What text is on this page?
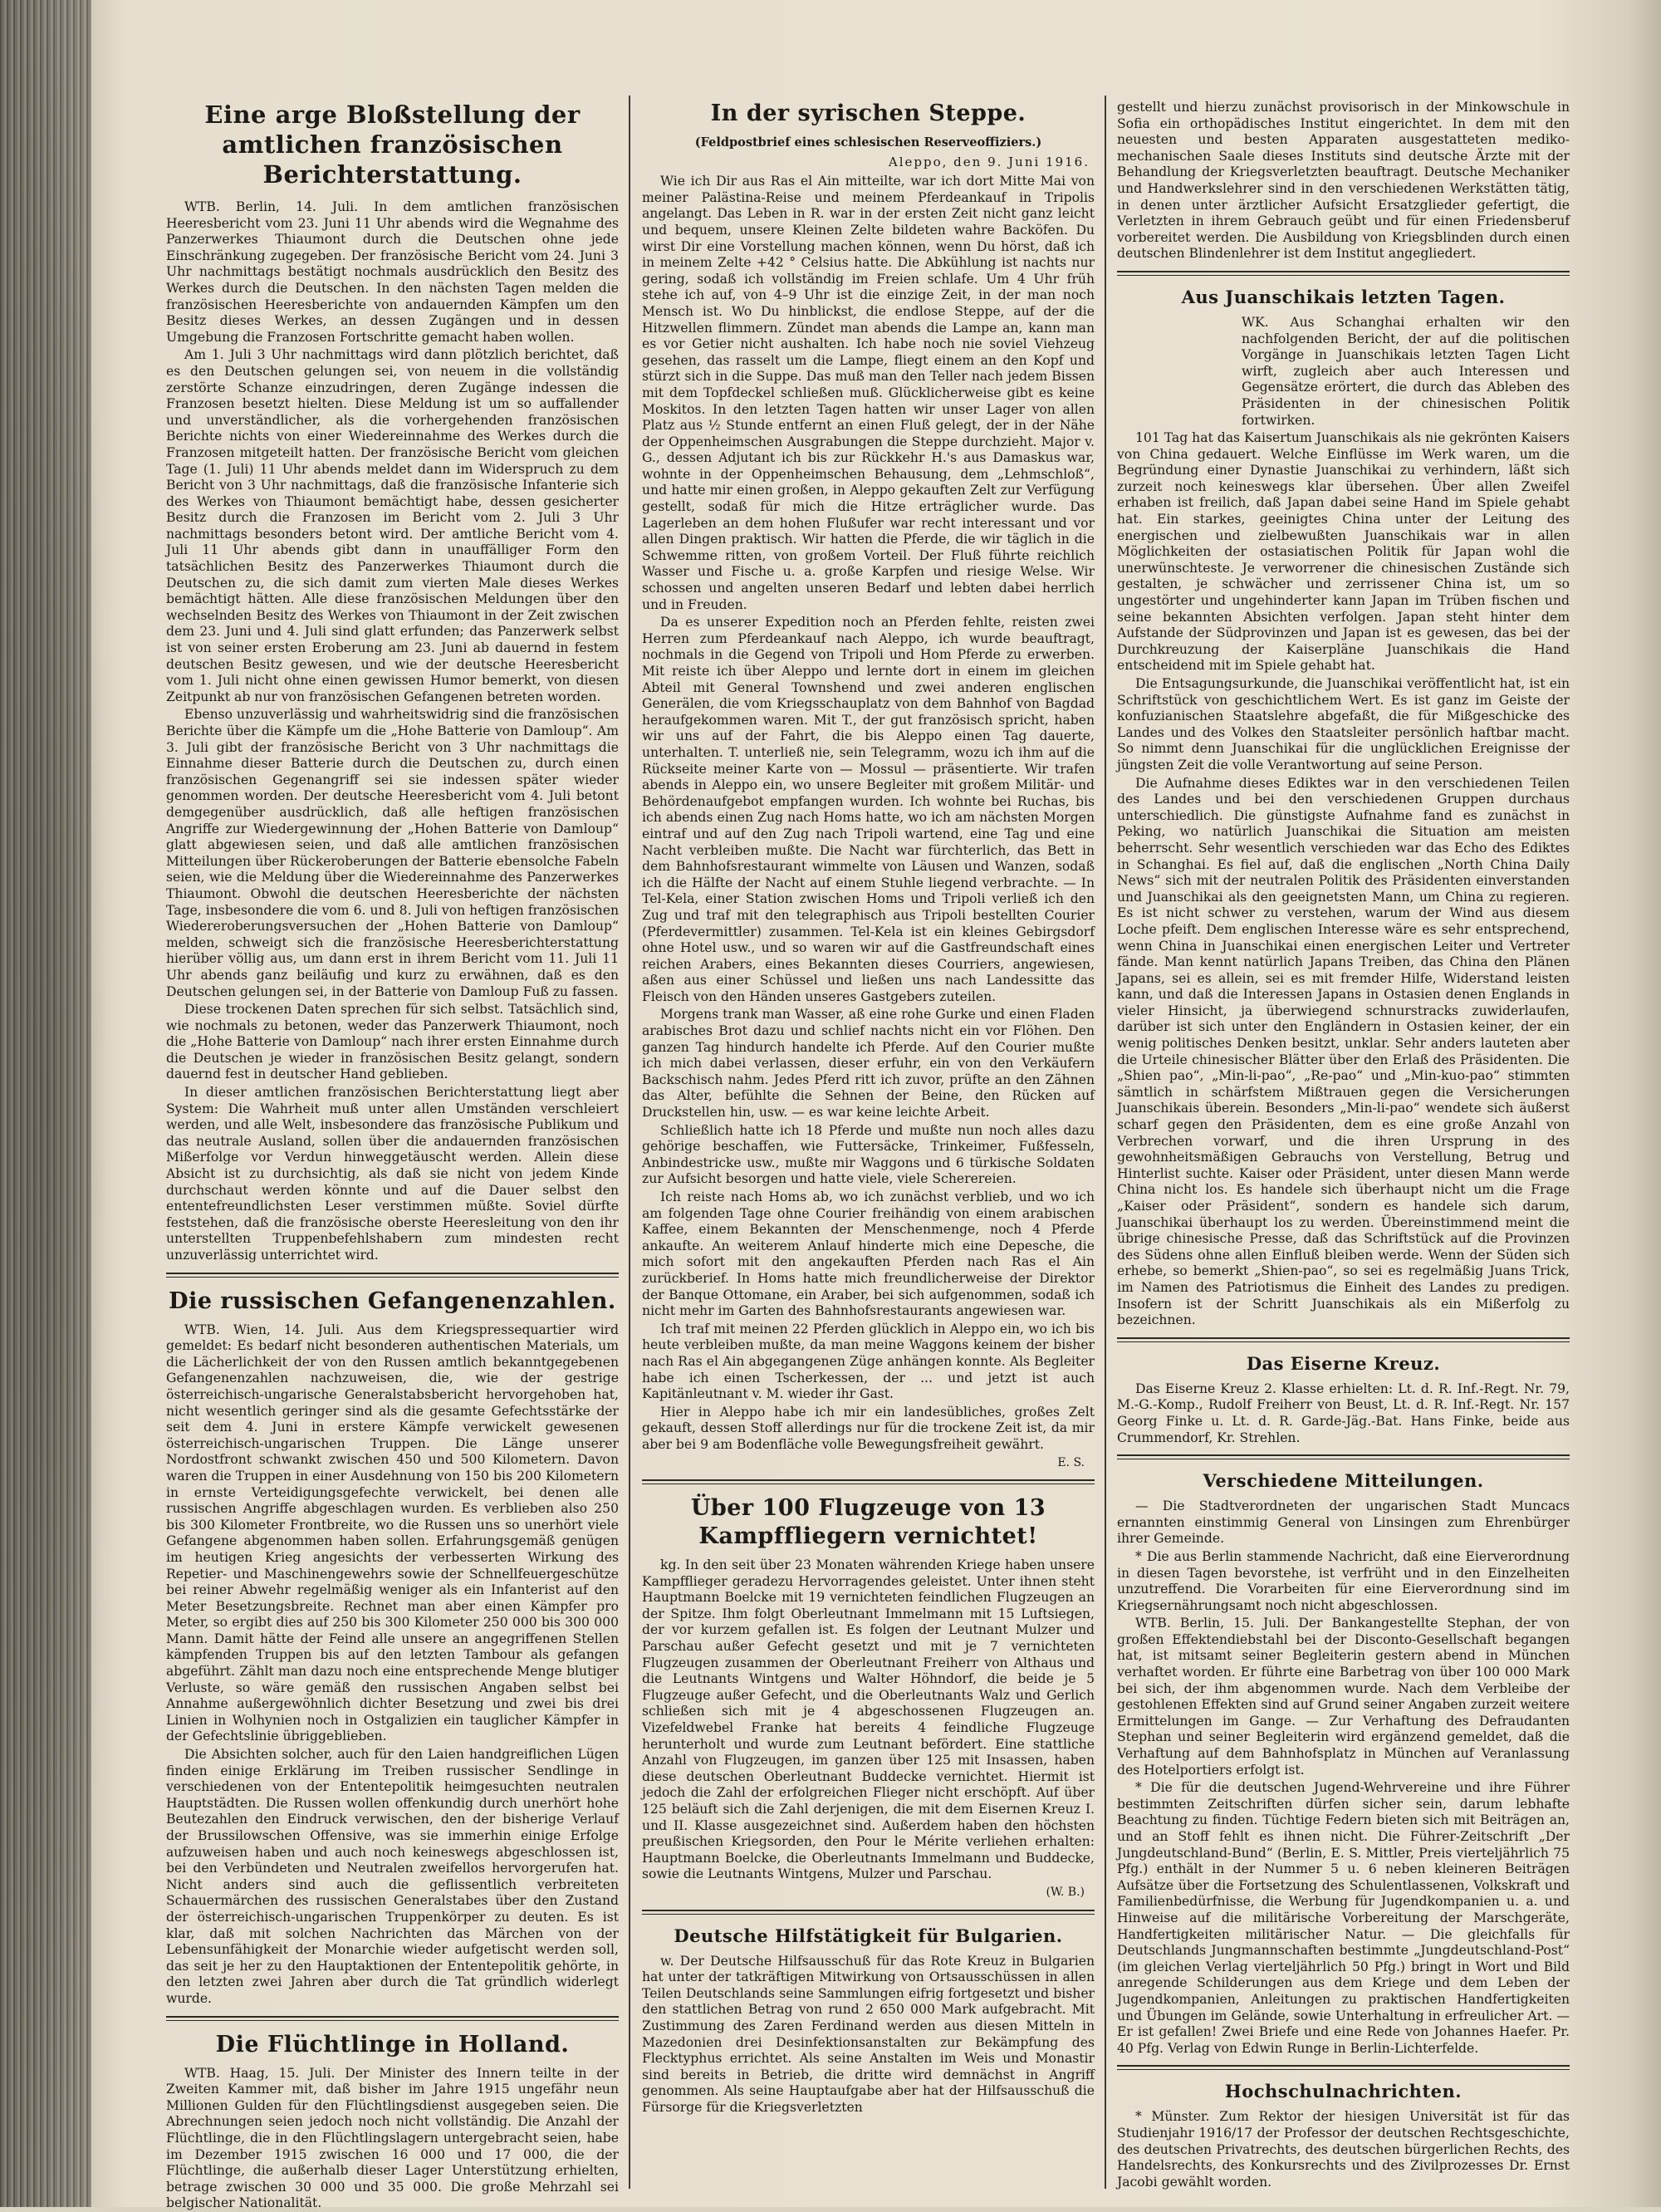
Eine arge Bloßstellung der amtlichen französischen Berichterstattung.

WTB. Berlin, 14. Juli. In dem amtlichen französischen Heeresbericht vom 23. Juni 11 Uhr abends wird die Wegnahme des Panzerwerkes Thiaumont durch die Deutschen ohne jede Einschränkung zugegeben. Der französische Bericht vom 24. Juni 3 Uhr nachmittags bestätigt nochmals ausdrücklich den Besitz des Werkes durch die Deutschen. In den nächsten Tagen melden die französischen Heeresberichte von andauernden Kämpfen um den Besitz dieses Werkes, an dessen Zugängen und in dessen Umgebung die Franzosen Fortschritte gemacht haben wollen.

Am 1. Juli 3 Uhr nachmittags wird dann plötzlich berichtet, daß es den Deutschen gelungen sei, von neuem in die vollständig zerstörte Schanze einzudringen, deren Zugänge indessen die Franzosen besetzt hielten. Diese Meldung ist um so auffallender und unverständlicher, als die vorhergehenden französischen Berichte nichts von einer Wiedereinnahme des Werkes durch die Franzosen mitgeteilt hatten. Der französische Bericht vom gleichen Tage (1. Juli) 11 Uhr abends meldet dann im Widerspruch zu dem Bericht von 3 Uhr nachmittags, daß die französische Infanterie sich des Werkes von Thiaumont bemächtigt habe, dessen gesicherter Besitz durch die Franzosen im Bericht vom 2. Juli 3 Uhr nachmittags besonders betont wird. Der amtliche Bericht vom 4. Juli 11 Uhr abends gibt dann in unauffälliger Form den tatsächlichen Besitz des Panzerwerkes Thiaumont durch die Deutschen zu, die sich damit zum vierten Male dieses Werkes bemächtigt hätten. Alle diese französischen Meldungen über den wechselnden Besitz des Werkes von Thiaumont in der Zeit zwischen dem 23. Juni und 4. Juli sind glatt erfunden; das Panzerwerk selbst ist von seiner ersten Eroberung am 23. Juni ab dauernd in festem deutschen Besitz gewesen, und wie der deutsche Heeresbericht vom 1. Juli nicht ohne einen gewissen Humor bemerkt, von diesen Zeitpunkt ab nur von französischen Gefangenen betreten worden.

Ebenso unzuverlässig und wahrheitswidrig sind die französischen Berichte über die Kämpfe um die „Hohe Batterie von Damloup“. Am 3. Juli gibt der französische Bericht von 3 Uhr nachmittags die Einnahme dieser Batterie durch die Deutschen zu, durch einen französischen Gegenangriff sei sie indessen später wieder genommen worden. Der deutsche Heeresbericht vom 4. Juli betont demgegenüber ausdrücklich, daß alle heftigen französischen Angriffe zur Wiedergewinnung der „Hohen Batterie von Damloup“ glatt abgewiesen seien, und daß alle amtlichen französischen Mitteilungen über Rückeroberungen der Batterie ebensolche Fabeln seien, wie die Meldung über die Wiedereinnahme des Panzerwerkes Thiaumont. Obwohl die deutschen Heeresberichte der nächsten Tage, insbesondere die vom 6. und 8. Juli von heftigen französischen Wiedereroberungsversuchen der „Hohen Batterie von Damloup“ melden, schweigt sich die französische Heeresberichterstattung hierüber völlig aus, um dann erst in ihrem Bericht vom 11. Juli 11 Uhr abends ganz beiläufig und kurz zu erwähnen, daß es den Deutschen gelungen sei, in der Batterie von Damloup Fuß zu fassen.

Diese trockenen Daten sprechen für sich selbst. Tatsächlich sind, wie nochmals zu betonen, weder das Panzerwerk Thiaumont, noch die „Hohe Batterie von Damloup“ nach ihrer ersten Einnahme durch die Deutschen je wieder in französischen Besitz gelangt, sondern dauernd fest in deutscher Hand geblieben.

In dieser amtlichen französischen Berichterstattung liegt aber System: Die Wahrheit muß unter allen Umständen verschleiert werden, und alle Welt, insbesondere das französische Publikum und das neutrale Ausland, sollen über die andauernden französischen Mißerfolge vor Verdun hinweggetäuscht werden. Allein diese Absicht ist zu durchsichtig, als daß sie nicht von jedem Kinde durchschaut werden könnte und auf die Dauer selbst den ententefreundlichsten Leser verstimmen müßte. Soviel dürfte feststehen, daß die französische oberste Heeresleitung von den ihr unterstellten Truppenbefehlshabern zum mindesten recht unzuverlässig unterrichtet wird.

Die russischen Gefangenenzahlen.

WTB. Wien, 14. Juli. Aus dem Kriegspressequartier wird gemeldet: Es bedarf nicht besonderen authentischen Materials, um die Lächerlichkeit der von den Russen amtlich bekanntgegebenen Gefangenenzahlen nachzuweisen, die, wie der gestrige österreichisch-ungarische Generalstabsbericht hervorgehoben hat, nicht wesentlich geringer sind als die gesamte Gefechtsstärke der seit dem 4. Juni in erstere Kämpfe verwickelt gewesenen österreichisch-ungarischen Truppen. Die Länge unserer Nordostfront schwankt zwischen 450 und 500 Kilometern. Davon waren die Truppen in einer Ausdehnung von 150 bis 200 Kilometern in ernste Verteidigungsgefechte verwickelt, bei denen alle russischen Angriffe abgeschlagen wurden. Es verblieben also 250 bis 300 Kilometer Frontbreite, wo die Russen uns so unerhört viele Gefangene abgenommen haben sollen. Erfahrungsgemäß genügen im heutigen Krieg angesichts der verbesserten Wirkung des Repetier- und Maschinengewehrs sowie der Schnellfeuergeschütze bei reiner Abwehr regelmäßig weniger als ein Infanterist auf den Meter Besetzungsbreite. Rechnet man aber einen Kämpfer pro Meter, so ergibt dies auf 250 bis 300 Kilometer 250 000 bis 300 000 Mann. Damit hätte der Feind alle unsere an angegriffenen Stellen kämpfenden Truppen bis auf den letzten Tambour als gefangen abgeführt. Zählt man dazu noch eine entsprechende Menge blutiger Verluste, so wäre gemäß den russischen Angaben selbst bei Annahme außergewöhnlich dichter Besetzung und zwei bis drei Linien in Wolhynien noch in Ostgalizien ein tauglicher Kämpfer in der Gefechtslinie übriggeblieben.

Die Absichten solcher, auch für den Laien handgreiflichen Lügen finden einige Erklärung im Treiben russischer Sendlinge in verschiedenen von der Ententepolitik heimgesuchten neutralen Hauptstädten. Die Russen wollen offenkundig durch unerhört hohe Beutezahlen den Eindruck verwischen, den der bisherige Verlauf der Brussilowschen Offensive, was sie immerhin einige Erfolge aufzuweisen haben und auch noch keineswegs abgeschlossen ist, bei den Verbündeten und Neutralen zweifellos hervorgerufen hat. Nicht anders sind auch die geflissentlich verbreiteten Schauermärchen des russischen Generalstabes über den Zustand der österreichisch-ungarischen Truppenkörper zu deuten. Es ist klar, daß mit solchen Nachrichten das Märchen von der Lebensunfähigkeit der Monarchie wieder aufgetischt werden soll, das seit je her zu den Hauptaktionen der Ententepolitik gehörte, in den letzten zwei Jahren aber durch die Tat gründlich widerlegt wurde.

Die Flüchtlinge in Holland.

WTB. Haag, 15. Juli. Der Minister des Innern teilte in der Zweiten Kammer mit, daß bisher im Jahre 1915 ungefähr neun Millionen Gulden für den Flüchtlingsdienst ausgegeben seien. Die Abrechnungen seien jedoch noch nicht vollständig. Die Anzahl der Flüchtlinge, die in den Flüchtlingslagern untergebracht seien, habe im Dezember 1915 zwischen 16 000 und 17 000, die der Flüchtlinge, die außerhalb dieser Lager Unterstützung erhielten, betrage zwischen 30 000 und 35 000. Die große Mehrzahl sei belgischer Nationalität.

In der syrischen Steppe.
(Feldpostbrief eines schlesischen Reserveoffiziers.)
Aleppo, den 9. Juni 1916.

Wie ich Dir aus Ras el Ain mitteilte, war ich dort Mitte Mai von meiner Palästina-Reise und meinem Pferdeankauf in Tripolis angelangt. Das Leben in R. war in der ersten Zeit nicht ganz leicht und bequem, unsere Kleinen Zelte bildeten wahre Backöfen. Du wirst Dir eine Vorstellung machen können, wenn Du hörst, daß ich in meinem Zelte +42 ° Celsius hatte. Die Abkühlung ist nachts nur gering, sodaß ich vollständig im Freien schlafe. Um 4 Uhr früh stehe ich auf, von 4–9 Uhr ist die einzige Zeit, in der man noch Mensch ist. Wo Du hinblickst, die endlose Steppe, auf der die Hitzwellen flimmern. Zündet man abends die Lampe an, kann man es vor Getier nicht aushalten. Ich habe noch nie soviel Viehzeug gesehen, das rasselt um die Lampe, fliegt einem an den Kopf und stürzt sich in die Suppe. Das muß man den Teller nach jedem Bissen mit dem Topfdeckel schließen muß. Glücklicherweise gibt es keine Moskitos. In den letzten Tagen hatten wir unser Lager von allen Platz aus ½ Stunde entfernt an einen Fluß gelegt, der in der Nähe der Oppenheimschen Ausgrabungen die Steppe durchzieht. Major v. G., dessen Adjutant ich bis zur Rückkehr H.'s aus Damaskus war, wohnte in der Oppenheimschen Behausung, dem „Lehmschloß“, und hatte mir einen großen, in Aleppo gekauften Zelt zur Verfügung gestellt, sodaß für mich die Hitze erträglicher wurde. Das Lagerleben an dem hohen Flußufer war recht interessant und vor allen Dingen praktisch. Wir hatten die Pferde, die wir täglich in die Schwemme ritten, von großem Vorteil. Der Fluß führte reichlich Wasser und Fische u. a. große Karpfen und riesige Welse. Wir schossen und angelten unseren Bedarf und lebten dabei herrlich und in Freuden.

Da es unserer Expedition noch an Pferden fehlte, reisten zwei Herren zum Pferdeankauf nach Aleppo, ich wurde beauftragt, nochmals in die Gegend von Tripoli und Hom Pferde zu erwerben. Mit reiste ich über Aleppo und lernte dort in einem im gleichen Abteil mit General Townshend und zwei anderen englischen Generälen, die vom Kriegsschauplatz von dem Bahnhof von Bagdad heraufgekommen waren. Mit T., der gut französisch spricht, haben wir uns auf der Fahrt, die bis Aleppo einen Tag dauerte, unterhalten. T. unterließ nie, sein Telegramm, wozu ich ihm auf die Rückseite meiner Karte von — Mossul — präsentierte. Wir trafen abends in Aleppo ein, wo unsere Begleiter mit großem Militär- und Behördenaufgebot empfangen wurden. Ich wohnte bei Ruchas, bis ich abends einen Zug nach Homs hatte, wo ich am nächsten Morgen eintraf und auf den Zug nach Tripoli wartend, eine Tag und eine Nacht verbleiben mußte. Die Nacht war fürchterlich, das Bett in dem Bahnhofsrestaurant wimmelte von Läusen und Wanzen, sodaß ich die Hälfte der Nacht auf einem Stuhle liegend verbrachte. — In Tel-Kela, einer Station zwischen Homs und Tripoli verließ ich den Zug und traf mit den telegraphisch aus Tripoli bestellten Courier (Pferdevermittler) zusammen. Tel-Kela ist ein kleines Gebirgsdorf ohne Hotel usw., und so waren wir auf die Gastfreundschaft eines reichen Arabers, eines Bekannten dieses Courriers, angewiesen, aßen aus einer Schüssel und ließen uns nach Landessitte das Fleisch von den Händen unseres Gastgebers zuteilen.

Morgens trank man Wasser, aß eine rohe Gurke und einen Fladen arabisches Brot dazu und schlief nachts nicht ein vor Flöhen. Den ganzen Tag hindurch handelte ich Pferde. Auf den Courier mußte ich mich dabei verlassen, dieser erfuhr, ein von den Verkäufern Backschisch nahm. Jedes Pferd ritt ich zuvor, prüfte an den Zähnen das Alter, befühlte die Sehnen der Beine, den Rücken auf Druckstellen hin, usw. — es war keine leichte Arbeit.

Schließlich hatte ich 18 Pferde und mußte nun noch alles dazu gehörige beschaffen, wie Futtersäcke, Trinkeimer, Fußfesseln, Anbindestricke usw., mußte mir Waggons und 6 türkische Soldaten zur Aufsicht besorgen und hatte viele, viele Scherereien.

Ich reiste nach Homs ab, wo ich zunächst verblieb, und wo ich am folgenden Tage ohne Courier freihändig von einem arabischen Kaffee, einem Bekannten der Menschenmenge, noch 4 Pferde ankaufte. An weiterem Anlauf hinderte mich eine Depesche, die mich sofort mit den angekauften Pferden nach Ras el Ain zurückberief. In Homs hatte mich freundlicherweise der Direktor der Banque Ottomane, ein Araber, bei sich aufgenommen, sodaß ich nicht mehr im Garten des Bahnhofsrestaurants angewiesen war.

Ich traf mit meinen 22 Pferden glücklich in Aleppo ein, wo ich bis heute verbleiben mußte, da man meine Waggons keinem der bisher nach Ras el Ain abgegangenen Züge anhängen konnte. Als Begleiter habe ich einen Tscherkessen, der ... und jetzt ist auch Kapitänleutnant v. M. wieder ihr Gast.

Hier in Aleppo habe ich mir ein landesübliches, großes Zelt gekauft, dessen Stoff allerdings nur für die trockene Zeit ist, da mir aber bei 9 am Bodenfläche volle Bewegungsfreiheit gewährt.

E. S.
Über 100 Flugzeuge von 13 Kampffliegern vernichtet!

kg. In den seit über 23 Monaten währenden Kriege haben unsere Kampfflieger geradezu Hervorragendes geleistet. Unter ihnen steht Hauptmann Boelcke mit 19 vernichteten feindlichen Flugzeugen an der Spitze. Ihm folgt Oberleutnant Immelmann mit 15 Luftsiegen, der vor kurzem gefallen ist. Es folgen der Leutnant Mulzer und Parschau außer Gefecht gesetzt und mit je 7 vernichteten Flugzeugen zusammen der Oberleutnant Freiherr von Althaus und die Leutnants Wintgens und Walter Höhndorf, die beide je 5 Flugzeuge außer Gefecht, und die Oberleutnants Walz und Gerlich schließen sich mit je 4 abgeschossenen Flugzeugen an. Vizefeldwebel Franke hat bereits 4 feindliche Flugzeuge herunterholt und wurde zum Leutnant befördert. Eine stattliche Anzahl von Flugzeugen, im ganzen über 125 mit Insassen, haben diese deutschen Oberleutnant Buddecke vernichtet. Hiermit ist jedoch die Zahl der erfolgreichen Flieger nicht erschöpft. Auf über 125 beläuft sich die Zahl derjenigen, die mit dem Eisernen Kreuz I. und II. Klasse ausgezeichnet sind. Außerdem haben den höchsten preußischen Kriegsorden, den Pour le Mérite verliehen erhalten: Hauptmann Boelcke, die Oberleutnants Immelmann und Buddecke, sowie die Leutnants Wintgens, Mulzer und Parschau.

(W. B.)
Deutsche Hilfstätigkeit für Bulgarien.

w. Der Deutsche Hilfsausschuß für das Rote Kreuz in Bulgarien hat unter der tatkräftigen Mitwirkung von Ortsausschüssen in allen Teilen Deutschlands seine Sammlungen eifrig fortgesetzt und bisher den stattlichen Betrag von rund 2 650 000 Mark aufgebracht. Mit Zustimmung des Zaren Ferdinand werden aus diesen Mitteln in Mazedonien drei Desinfektionsanstalten zur Bekämpfung des Flecktyphus errichtet. Als seine Anstalten im Weis und Monastir sind bereits in Betrieb, die dritte wird demnächst in Angriff genommen. Als seine Hauptaufgabe aber hat der Hilfsausschuß die Fürsorge für die Kriegsverletzten

gestellt und hierzu zunächst provisorisch in der Minkowschule in Sofia ein orthopädisches Institut eingerichtet. In dem mit den neuesten und besten Apparaten ausgestatteten mediko-mechanischen Saale dieses Instituts sind deutsche Ärzte mit der Behandlung der Kriegsverletzten beauftragt. Deutsche Mechaniker und Handwerkslehrer sind in den verschiedenen Werkstätten tätig, in denen unter ärztlicher Aufsicht Ersatzglieder gefertigt, die Verletzten in ihrem Gebrauch geübt und für einen Friedensberuf vorbereitet werden. Die Ausbildung von Kriegsblinden durch einen deutschen Blindenlehrer ist dem Institut angegliedert.

Aus Juanschikais letzten Tagen.

WK. Aus Schanghai erhalten wir den nachfolgenden Bericht, der auf die politischen Vorgänge in Juanschikais letzten Tagen Licht wirft, zugleich aber auch Interessen und Gegensätze erörtert, die durch das Ableben des Präsidenten in der chinesischen Politik fortwirken.

101 Tag hat das Kaisertum Juanschikais als nie gekrönten Kaisers von China gedauert. Welche Einflüsse im Werk waren, um die Begründung einer Dynastie Juanschikai zu verhindern, läßt sich zurzeit noch keineswegs klar übersehen. Über allen Zweifel erhaben ist freilich, daß Japan dabei seine Hand im Spiele gehabt hat. Ein starkes, geeinigtes China unter der Leitung des energischen und zielbewußten Juanschikais war in allen Möglichkeiten der ostasiatischen Politik für Japan wohl die unerwünschteste. Je verworrener die chinesischen Zustände sich gestalten, je schwächer und zerrissener China ist, um so ungestörter und ungehinderter kann Japan im Trüben fischen und seine bekannten Absichten verfolgen. Japan steht hinter dem Aufstande der Südprovinzen und Japan ist es gewesen, das bei der Durchkreuzung der Kaiserpläne Juanschikais die Hand entscheidend mit im Spiele gehabt hat.

Die Entsagungsurkunde, die Juanschikai veröffentlicht hat, ist ein Schriftstück von geschichtlichem Wert. Es ist ganz im Geiste der konfuzianischen Staatslehre abgefaßt, die für Mißgeschicke des Landes und des Volkes den Staatsleiter persönlich haftbar macht. So nimmt denn Juanschikai für die unglücklichen Ereignisse der jüngsten Zeit die volle Verantwortung auf seine Person.

Die Aufnahme dieses Ediktes war in den verschiedenen Teilen des Landes und bei den verschiedenen Gruppen durchaus unterschiedlich. Die günstigste Aufnahme fand es zunächst in Peking, wo natürlich Juanschikai die Situation am meisten beherrscht. Sehr wesentlich verschieden war das Echo des Ediktes in Schanghai. Es fiel auf, daß die englischen „North China Daily News“ sich mit der neutralen Politik des Präsidenten einverstanden und Juanschikai als den geeignetsten Mann, um China zu regieren. Es ist nicht schwer zu verstehen, warum der Wind aus diesem Loche pfeift. Dem englischen Interesse wäre es sehr entsprechend, wenn China in Juanschikai einen energischen Leiter und Vertreter fände. Man kennt natürlich Japans Treiben, das China den Plänen Japans, sei es allein, sei es mit fremder Hilfe, Widerstand leisten kann, und daß die Interessen Japans in Ostasien denen Englands in vieler Hinsicht, ja überwiegend schnurstracks zuwiderlaufen, darüber ist sich unter den Engländern in Ostasien keiner, der ein wenig politisches Denken besitzt, unklar. Sehr anders lauteten aber die Urteile chinesischer Blätter über den Erlaß des Präsidenten. Die „Shien pao“, „Min-li-pao“, „Re-pao“ und „Min-kuo-pao“ stimmten sämtlich in schärfstem Mißtrauen gegen die Versicherungen Juanschikais überein. Besonders „Min-li-pao“ wendete sich äußerst scharf gegen den Präsidenten, dem es eine große Anzahl von Verbrechen vorwarf, und die ihren Ursprung in des gewohnheitsmäßigen Gebrauchs von Verstellung, Betrug und Hinterlist suchte. Kaiser oder Präsident, unter diesen Mann werde China nicht los. Es handele sich überhaupt nicht um die Frage „Kaiser oder Präsident“, sondern es handele sich darum, Juanschikai überhaupt los zu werden. Übereinstimmend meint die übrige chinesische Presse, daß das Schriftstück auf die Provinzen des Südens ohne allen Einfluß bleiben werde. Wenn der Süden sich erhebe, so bemerkt „Shien-pao“, so sei es regelmäßig Juans Trick, im Namen des Patriotismus die Einheit des Landes zu predigen. Insofern ist der Schritt Juanschikais als ein Mißerfolg zu bezeichnen.

Das Eiserne Kreuz.

Das Eiserne Kreuz 2. Klasse erhielten: Lt. d. R. Inf.-Regt. Nr. 79, M.-G.-Komp., Rudolf Freiherr von Beust, Lt. d. R. Inf.-Regt. Nr. 157 Georg Finke u. Lt. d. R. Garde-Jäg.-Bat. Hans Finke, beide aus Crummendorf, Kr. Strehlen.

Verschiedene Mitteilungen.

— Die Stadtverordneten der ungarischen Stadt Muncacs ernannten einstimmig General von Linsingen zum Ehrenbürger ihrer Gemeinde.

* Die aus Berlin stammende Nachricht, daß eine Eierverordnung in diesen Tagen bevorstehe, ist verfrüht und in den Einzelheiten unzutreffend. Die Vorarbeiten für eine Eierverordnung sind im Kriegsernährungsamt noch nicht abgeschlossen.

WTB. Berlin, 15. Juli. Der Bankangestellte Stephan, der von großen Effektendiebstahl bei der Disconto-Gesellschaft begangen hat, ist mitsamt seiner Begleiterin gestern abend in München verhaftet worden. Er führte eine Barbetrag von über 100 000 Mark bei sich, der ihm abgenommen wurde. Nach dem Verbleibe der gestohlenen Effekten sind auf Grund seiner Angaben zurzeit weitere Ermittelungen im Gange. — Zur Verhaftung des Defraudanten Stephan und seiner Begleiterin wird ergänzend gemeldet, daß die Verhaftung auf dem Bahnhofsplatz in München auf Veranlassung des Hotelportiers erfolgt ist.

* Die für die deutschen Jugend-Wehrvereine und ihre Führer bestimmten Zeitschriften dürfen sicher sein, darum lebhafte Beachtung zu finden. Tüchtige Federn bieten sich mit Beiträgen an, und an Stoff fehlt es ihnen nicht. Die Führer-Zeitschrift „Der Jungdeutschland-Bund“ (Berlin, E. S. Mittler, Preis vierteljährlich 75 Pfg.) enthält in der Nummer 5 u. 6 neben kleineren Beiträgen Aufsätze über die Fortsetzung des Schulentlassenen, Volkskraft und Familienbedürfnisse, die Werbung für Jugendkompanien u. a. und Hinweise auf die militärische Vorbereitung der Marschgeräte, Handfertigkeiten militärischer Natur. — Die gleichfalls für Deutschlands Jungmannschaften bestimmte „Jungdeutschland-Post“ (im gleichen Verlag vierteljährlich 50 Pfg.) bringt in Wort und Bild anregende Schilderungen aus dem Kriege und dem Leben der Jugendkompanien, Anleitungen zu praktischen Handfertigkeiten und Übungen im Gelände, sowie Unterhaltung in erfreulicher Art. — Er ist gefallen! Zwei Briefe und eine Rede von Johannes Haefer. Pr. 40 Pfg. Verlag von Edwin Runge in Berlin-Lichterfelde.

Hochschulnachrichten.

* Münster. Zum Rektor der hiesigen Universität ist für das Studienjahr 1916/17 der Professor der deutschen Rechtsgeschichte, des deutschen Privatrechts, des deutschen bürgerlichen Rechts, des Handelsrechts, des Konkursrechts und des Zivilprozesses Dr. Ernst Jacobi gewählt worden.
